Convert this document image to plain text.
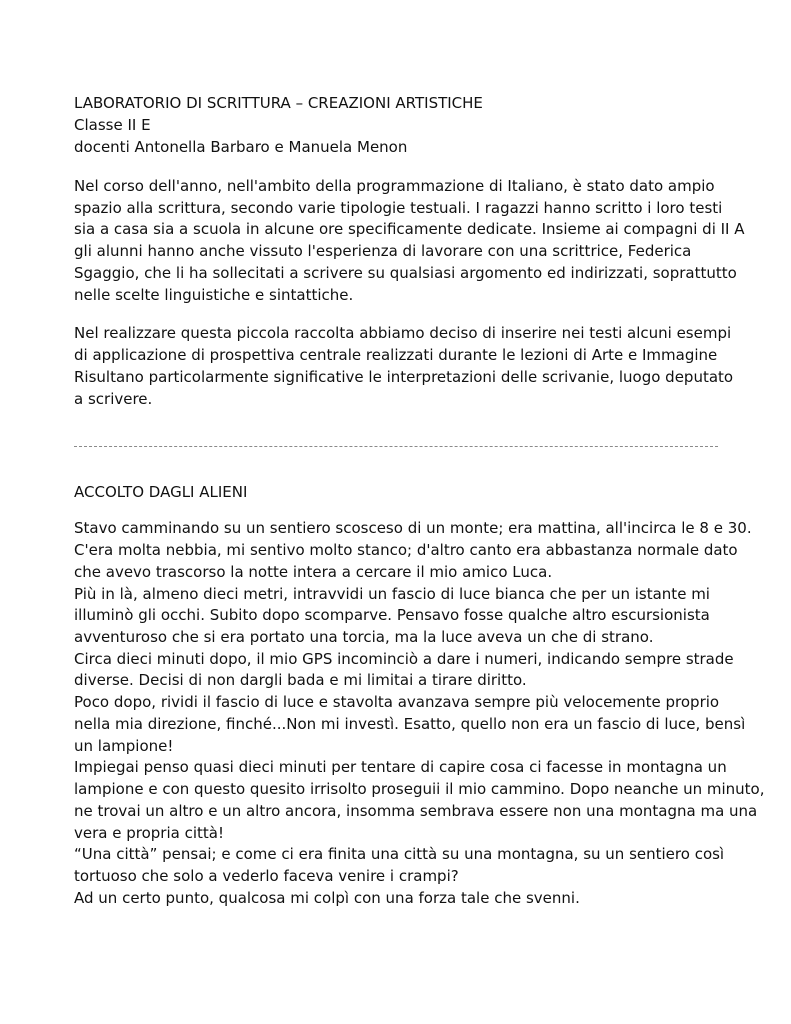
LABORATORIO DI SCRITTURA – CREAZIONI ARTISTICHE
Classe II E
docenti Antonella Barbaro e Manuela Menon
Nel corso dell'anno, nell'ambito della programmazione di Italiano, è stato dato ampio
spazio alla scrittura, secondo varie tipologie testuali. I ragazzi hanno scritto i loro testi
sia a casa sia a scuola in alcune ore specificamente dedicate. Insieme ai compagni di II A
gli alunni hanno anche vissuto l'esperienza di lavorare con una scrittrice, Federica
Sgaggio, che li ha sollecitati a scrivere su qualsiasi argomento ed indirizzati, soprattutto
nelle scelte linguistiche e sintattiche.
Nel realizzare questa piccola raccolta abbiamo deciso di inserire nei testi alcuni esempi
di applicazione di prospettiva centrale realizzati durante le lezioni di Arte e Immagine
Risultano particolarmente significative le interpretazioni delle scrivanie, luogo deputato
a scrivere.
ACCOLTO DAGLI ALIENI
Stavo camminando su un sentiero scosceso di un monte; era mattina, all'incirca le 8 e 30.
C'era molta nebbia, mi sentivo molto stanco; d'altro canto era abbastanza normale dato
che avevo trascorso la notte intera a cercare il mio amico Luca.
Più in là, almeno dieci metri, intravvidi un fascio di luce bianca che per un istante mi
illuminò gli occhi. Subito dopo scomparve. Pensavo fosse qualche altro escursionista
avventuroso che si era portato una torcia, ma la luce aveva un che di strano.
Circa dieci minuti dopo, il mio GPS incominciò a dare i numeri, indicando sempre strade
diverse. Decisi di non dargli bada e mi limitai a tirare diritto.
Poco dopo, rividi il fascio di luce e stavolta avanzava sempre più velocemente proprio
nella mia direzione, finché...Non mi investì. Esatto, quello non era un fascio di luce, bensì
un lampione!
Impiegai penso quasi dieci minuti per tentare di capire cosa ci facesse in montagna un
lampione e con questo quesito irrisolto proseguii il mio cammino. Dopo neanche un minuto,
ne trovai un altro e un altro ancora, insomma sembrava essere non una montagna ma una
vera e propria città!
“Una città” pensai; e come ci era finita una città su una montagna, su un sentiero così
tortuoso che solo a vederlo faceva venire i crampi?
Ad un certo punto, qualcosa mi colpì con una forza tale che svenni.
